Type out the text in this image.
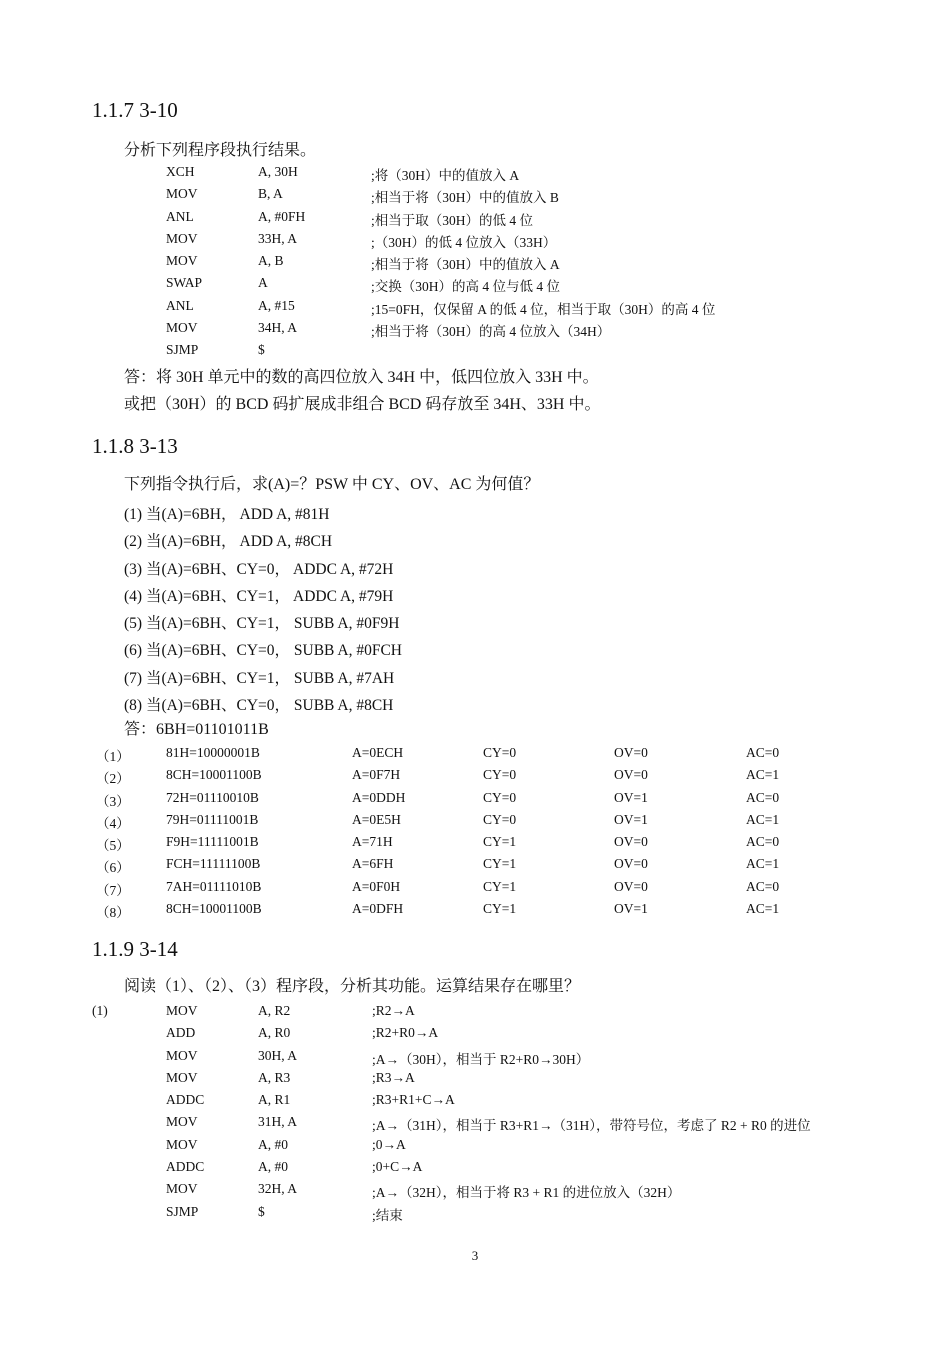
1.1.7 3-10
分析下列程序段执行结果。
XCH	A, 30H	;将（30H）中的值放入 A
MOV	B, A	;相当于将（30H）中的值放入 B
ANL	A, #0FH	;相当于取（30H）的低 4 位
MOV	33H, A	;（30H）的低 4 位放入（33H）
MOV	A, B	;相当于将（30H）中的值放入 A
SWAP	A	;交换（30H）的高 4 位与低 4 位
ANL	A, #15	;15=0FH，仅保留 A 的低 4 位，相当于取（30H）的高 4 位
MOV	34H, A	;相当于将（30H）的高 4 位放入（34H）
SJMP	$
答：将 30H 单元中的数的高四位放入 34H 中，低四位放入 33H 中。
或把（30H）的 BCD 码扩展成非组合 BCD 码存放至 34H、33H 中。
1.1.8 3-13
下列指令执行后，求(A)=？PSW 中 CY、OV、AC 为何值？
(1) 当(A)=6BH， ADD A, #81H
(2) 当(A)=6BH， ADD A, #8CH
(3) 当(A)=6BH、CY=0， ADDC A, #72H
(4) 当(A)=6BH、CY=1， ADDC A, #79H
(5) 当(A)=6BH、CY=1， SUBB A, #0F9H
(6) 当(A)=6BH、CY=0， SUBB A, #0FCH
(7) 当(A)=6BH、CY=1， SUBB A, #7AH
(8) 当(A)=6BH、CY=0， SUBB A, #8CH
答：6BH=01101011B
（1）	81H=10000001B	A=0ECH	CY=0	OV=0	AC=0
（2）	8CH=10001100B	A=0F7H	CY=0	OV=0	AC=1
（3）	72H=01110010B	A=0DDH	CY=0	OV=1	AC=0
（4）	79H=01111001B	A=0E5H	CY=0	OV=1	AC=1
（5）	F9H=11111001B	A=71H	CY=1	OV=0	AC=0
（6）	FCH=11111100B	A=6FH	CY=1	OV=0	AC=1
（7）	7AH=01111010B	A=0F0H	CY=1	OV=0	AC=0
（8）	8CH=10001100B	A=0DFH	CY=1	OV=1	AC=1
1.1.9 3-14
阅读（1）、（2）、（3）程序段，分析其功能。运算结果存在哪里？
(1)	MOV	A, R2	;R2→A
ADD	A, R0	;R2+R0→A
MOV	30H, A	;A→（30H），相当于 R2+R0→30H）
MOV	A, R3	;R3→A
ADDC	A, R1	;R3+R1+C→A
MOV	31H, A	;A→（31H），相当于 R3+R1→（31H），带符号位，考虑了 R2 + R0 的进位
MOV	A, #0	;0→A
ADDC	A, #0	;0+C→A
MOV	32H, A	;A→（32H），相当于将 R3 + R1 的进位放入（32H）
SJMP	$	;结束
3
